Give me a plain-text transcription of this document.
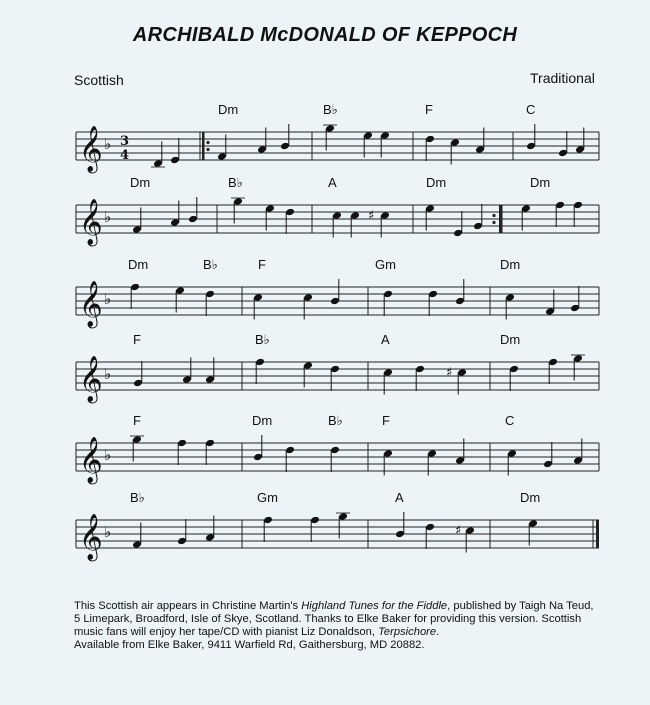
ARCHIBALD McDONALD OF KEPPOCH
Scottish	Traditional
𝄞 ♭ 3
4
Dm	B♭	F	C
𝄞 ♭
Dm	B♭	A	Dm	Dm
♯
𝄞 ♭
Dm	B♭	F	Gm	Dm
𝄞 ♭
F	B♭	A	Dm
♯
𝄞 ♭
F	Dm	B♭	F	C
𝄞 ♭
B♭	Gm	A	Dm
♯
This Scottish air appears in Christine Martin's Highland Tunes for the Fiddle, published by Taigh Na Teud, 5 Limepark, Broadford, Isle of Skye, Scotland. Thanks to Elke Baker for providing this version. Scottish music fans will enjoy her tape/CD with pianist Liz Donaldson, Terpsichore.
Available from Elke Baker, 9411 Warfield Rd, Gaithersburg, MD 20882.
